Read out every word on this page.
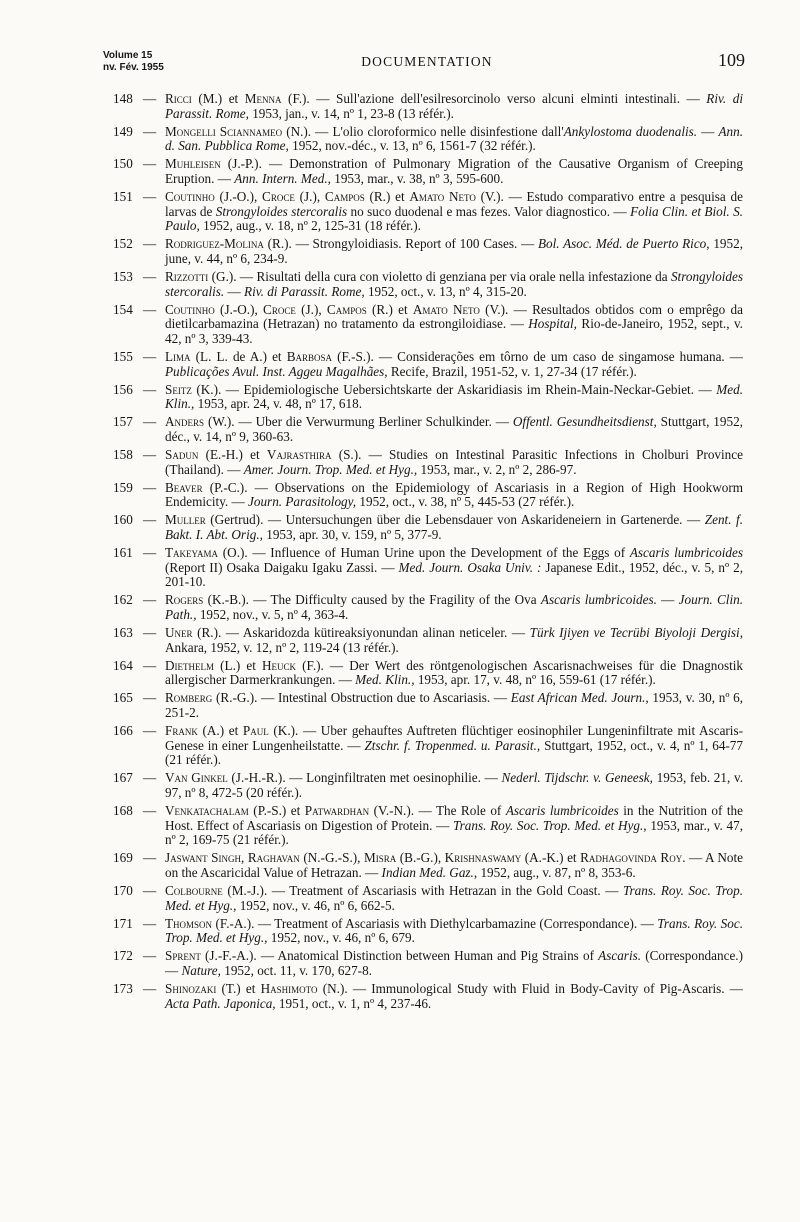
Volume 15
nv. Fév. 1955	DOCUMENTATION	109
148 — Ricci (M.) et Menna (F.). — Sull'azione dell'esilresorcinolo verso alcuni elminti intestinali. — Riv. di Parassit. Rome, 1953, jan., v. 14, nº 1, 23-8 (13 référ.).
149 — Mongelli Sciannameo (N.). — L'olio cloroformico nelle disinfestione dall'Ankylostoma duodenalis. — Ann. d. San. Pubblica Rome, 1952, nov.-déc., v. 13, nº 6, 1561-7 (32 référ.).
150 — Muhleisen (J.-P.). — Demonstration of Pulmonary Migration of the Causative Organism of Creeping Eruption. — Ann. Intern. Med., 1953, mar., v. 38, nº 3, 595-600.
151 — Coutinho (J.-O.), Croce (J.), Campos (R.) et Amato Neto (V.). — Estudo comparativo entre a pesquisa de larvas de Strongyloides stercoralis no suco duodenal e mas fezes. Valor diagnostico. — Folia Clin. et Biol. S. Paulo, 1952, aug., v. 18, nº 2, 125-31 (18 référ.).
152 — Rodriguez-Molina (R.). — Strongyloidiasis. Report of 100 Cases. — Bol. Asoc. Méd. de Puerto Rico, 1952, june, v. 44, nº 6, 234-9.
153 — Rizzotti (G.). — Risultati della cura con violetto di genziana per via orale nella infestazione da Strongyloides stercoralis. — Riv. di Parassit. Rome, 1952, oct., v. 13, nº 4, 315-20.
154 — Coutinho (J.-O.), Croce (J.), Campos (R.) et Amato Neto (V.). — Resultados obtidos com o emprêgo da dietilcarbamazina (Hetrazan) no tratamento da estrongiloidiase. — Hospital, Rio-de-Janeiro, 1952, sept., v. 42, nº 3, 339-43.
155 — Lima (L. L. de A.) et Barbosa (F.-S.). — Considerações em tôrno de um caso de singamose humana. — Publicações Avul. Inst. Aggeu Magalhães, Recife, Brazil, 1951-52, v. 1, 27-34 (17 référ.).
156 — Seitz (K.). — Epidemiologische Uebersichtskarte der Askaridiasis im Rhein-Main-Neckar-Gebiet. — Med. Klin., 1953, apr. 24, v. 48, nº 17, 618.
157 — Anders (W.). — Uber die Verwurmung Berliner Schulkinder. — Offentl. Gesundheitsdienst, Stuttgart, 1952, déc., v. 14, nº 9, 360-63.
158 — Sadun (E.-H.) et Vajrasthira (S.). — Studies on Intestinal Parasitic Infections in Cholburi Province (Thailand). — Amer. Journ. Trop. Med. et Hyg., 1953, mar., v. 2, nº 2, 286-97.
159 — Beaver (P.-C.). — Observations on the Epidemiology of Ascariasis in a Region of High Hookworm Endemicity. — Journ. Parasitology, 1952, oct., v. 38, nº 5, 445-53 (27 référ.).
160 — Muller (Gertrud). — Untersuchungen über die Lebensdauer von Askarideneiern in Gartenerde. — Zent. f. Bakt. I. Abt. Orig., 1953, apr. 30, v. 159, nº 5, 377-9.
161 — Takeyama (O.). — Influence of Human Urine upon the Development of the Eggs of Ascaris lumbricoides (Report II) Osaka Daigaku Igaku Zassi. — Med. Journ. Osaka Univ. : Japanese Edit., 1952, déc., v. 5, nº 2, 201-10.
162 — Rogers (K.-B.). — The Difficulty caused by the Fragility of the Ova Ascaris lumbricoides. — Journ. Clin. Path., 1952, nov., v. 5, nº 4, 363-4.
163 — Uner (R.). — Askaridozda kütireaksiyonundan alinan neticeler. — Türk Ijiyen ve Tecrübi Biyoloji Dergisi, Ankara, 1952, v. 12, nº 2, 119-24 (13 référ.).
164 — Diethelm (L.) et Heuck (F.). — Der Wert des röntgenologischen Ascarisnachweises für die Dnagnostik allergischer Darmerkrankungen. — Med. Klin., 1953, apr. 17, v. 48, nº 16, 559-61 (17 référ.).
165 — Romberg (R.-G.). — Intestinal Obstruction due to Ascariasis. — East African Med. Journ., 1953, v. 30, nº 6, 251-2.
166 — Frank (A.) et Paul (K.). — Uber gehauftes Auftreten flüchtiger eosinophiler Lungeninfiltrate mit Ascaris-Genese in einer Lungenheilstatte. — Ztschr. f. Tropenmed. u. Parasit., Stuttgart, 1952, oct., v. 4, nº 1, 64-77 (21 référ.).
167 — Van Ginkel (J.-H.-R.). — Longinfiltraten met oesinophilie. — Nederl. Tijdschr. v. Geneesk, 1953, feb. 21, v. 97, nº 8, 472-5 (20 référ.).
168 — Venkatachalam (P.-S.) et Patwardhan (V.-N.). — The Role of Ascaris lumbricoides in the Nutrition of the Host. Effect of Ascariasis on Digestion of Protein. — Trans. Roy. Soc. Trop. Med. et Hyg., 1953, mar., v. 47, nº 2, 169-75 (21 référ.).
169 — Jaswant Singh, Raghavan (N.-G.-S.), Misra (B.-G.), Krishnaswamy (A.-K.) et Radhagovinda Roy. — A Note on the Ascaricidal Value of Hetrazan. — Indian Med. Gaz., 1952, aug., v. 87, nº 8, 353-6.
170 — Colbourne (M.-J.). — Treatment of Ascariasis with Hetrazan in the Gold Coast. — Trans. Roy. Soc. Trop. Med. et Hyg., 1952, nov., v. 46, nº 6, 662-5.
171 — Thomson (F.-A.). — Treatment of Ascariasis with Diethylcarbamazine (Correspondance). — Trans. Roy. Soc. Trop. Med. et Hyg., 1952, nov., v. 46, nº 6, 679.
172 — Sprent (J.-F.-A.). — Anatomical Distinction between Human and Pig Strains of Ascaris. (Correspondance.) — Nature, 1952, oct. 11, v. 170, 627-8.
173 — Shinozaki (T.) et Hashimoto (N.). — Immunological Study with Fluid in Body-Cavity of Pig-Ascaris. — Acta Path. Japonica, 1951, oct., v. 1, nº 4, 237-46.
